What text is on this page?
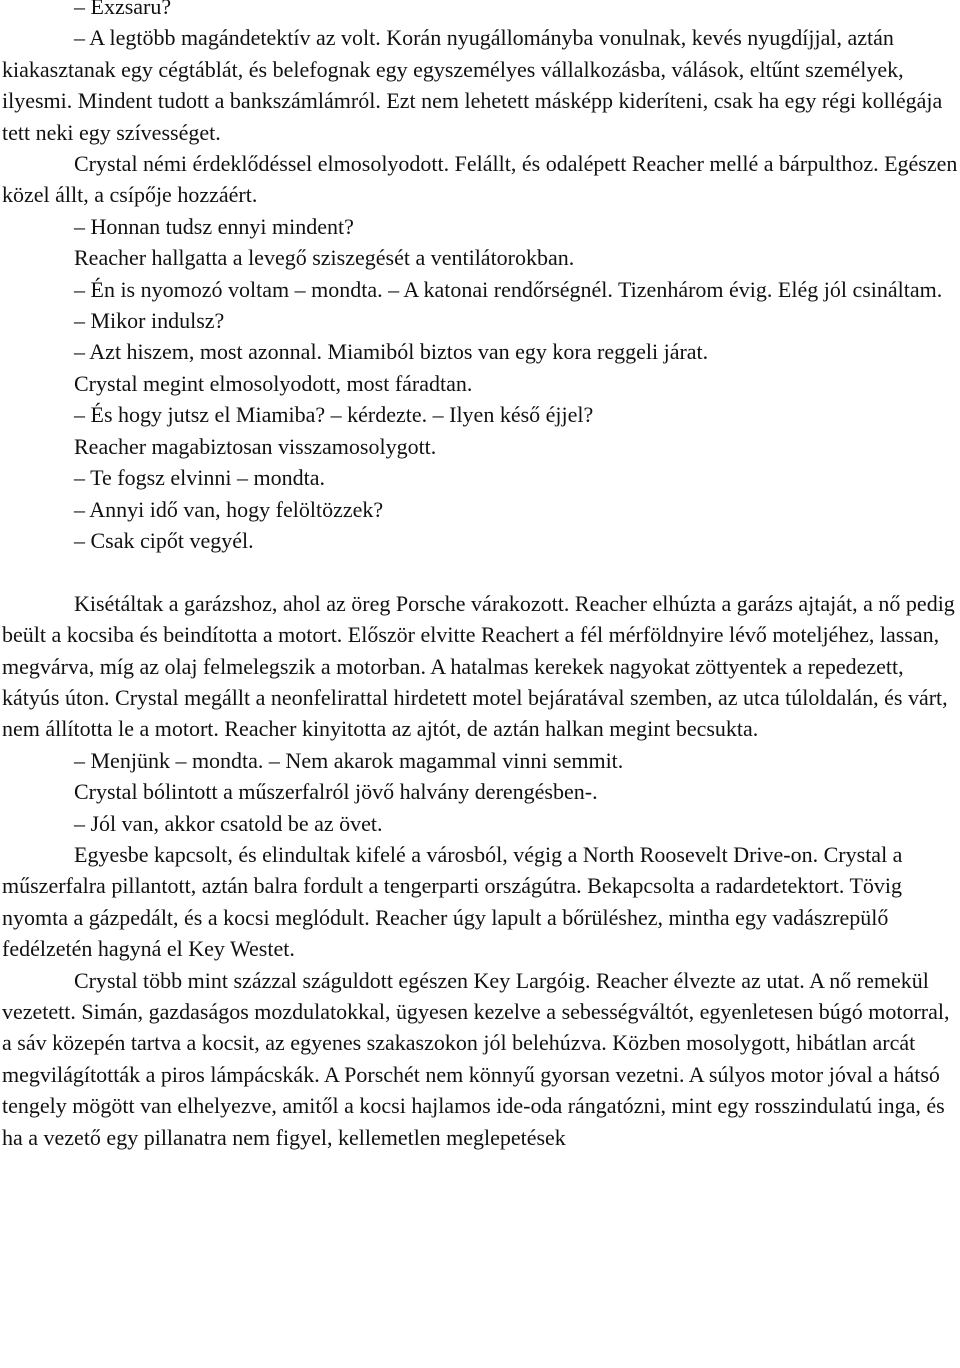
– Exzsaru?

– A legtöbb magándetektív az volt. Korán nyugállományba vonulnak, kevés nyugdíjjal, aztán kiakasztanak egy cégtáblát, és belefognak egy egyszemélyes vállalkozásba, válások, eltűnt személyek, ilyesmi. Mindent tudott a bankszámlámról. Ezt nem lehetett másképp kideríteni, csak ha egy régi kollégája tett neki egy szívességet.

Crystal némi érdeklődéssel elmosolyodott. Felállt, és odalépett Reacher mellé a bárpulthoz. Egészen közel állt, a csípője hozzáért.

– Honnan tudsz ennyi mindent?

Reacher hallgatta a levegő sziszegését a ventilátorokban.

– Én is nyomozó voltam – mondta. – A katonai rendőrségnél. Tizenhárom évig. Elég jól csináltam.

– Mikor indulsz?

– Azt hiszem, most azonnal. Miamiból biztos van egy kora reggeli járat.

Crystal megint elmosolyodott, most fáradtan.

– És hogy jutsz el Miamiba? – kérdezte. – Ilyen késő éjjel?

Reacher magabiztosan visszamosolygott.

– Te fogsz elvinni – mondta.

– Annyi idő van, hogy felöltözzek?

– Csak cipőt vegyél.

Kisétáltak a garázshoz, ahol az öreg Porsche várakozott. Reacher elhúzta a garázs ajtaját, a nő pedig beült a kocsiba és beindította a motort. Először elvitte Reachert a fél mérföldnyire lévő moteljéhez, lassan, megvárva, míg az olaj felmelegszik a motorban. A hatalmas kerekek nagyokat zöttyentek a repedezett, kátyús úton. Crystal megállt a neonfelirattal hirdetett motel bejáratával szemben, az utca túloldalán, és várt, nem állította le a motort. Reacher kinyitotta az ajtót, de aztán halkan megint becsukta.

– Menjünk – mondta. – Nem akarok magammal vinni semmit.

Crystal bólintott a műszerfalról jövő halvány derengésben-.

– Jól van, akkor csatold be az övet.

Egyesbe kapcsolt, és elindultak kifelé a városból, végig a North Roosevelt Drive-on. Crystal a műszerfalra pillantott, aztán balra fordult a tengerparti országútra. Bekapcsolta a radardetektort. Tövig nyomta a gázpedált, és a kocsi meglódult. Reacher úgy lapult a bőrüléshez, mintha egy vadászrepülő fedélzetén hagyná el Key Westet.

Crystal több mint százzal száguldott egészen Key Largóig. Reacher élvezte az utat. A nő remekül vezetett. Simán, gazdaságos mozdulatokkal, ügyesen kezelve a sebességváltót, egyenletesen búgó motorral, a sáv közepén tartva a kocsit, az egyenes szakaszokon jól belehúzva. Közben mosolygott, hibátlan arcát megvilágították a piros lámpácskák. A Porschét nem könnyű gyorsan vezetni. A súlyos motor jóval a hátsó tengely mögött van elhelyezve, amitől a kocsi hajlamos ide-oda rángatózni, mint egy rosszindulatú inga, és ha a vezető egy pillanatra nem figyel, kellemetlen meglepetések
